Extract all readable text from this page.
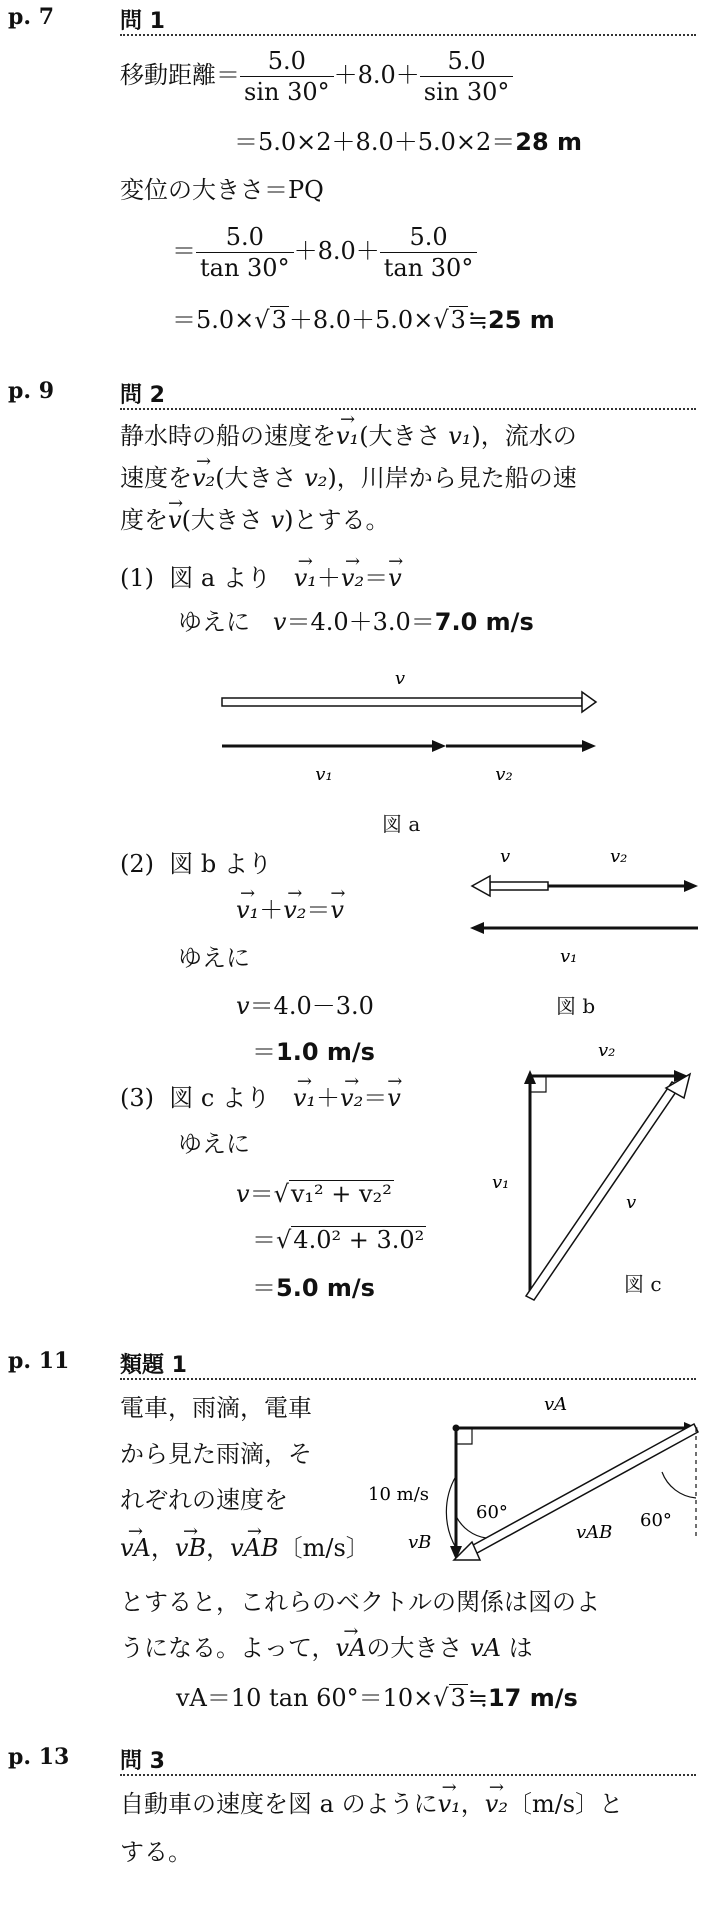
p. 7	問 1
移動距離＝ $\frac{5.0}{\sin 30^\circ} +8.0+ \frac{5.0}{\sin 30^\circ}$
＝5.0×2＋8.0＋5.0×2＝28 m
変位の大きさ＝PQ
＝ $\frac{5.0}{\tan 30^\circ} +8.0+ \frac{5.0}{\tan 30^\circ}$
＝5.0×√3＋8.0＋5.0×√3≒25 m
p. 9	問 2
静水時の船の速度を→ v₁(大きさ v₁)，流水の
速度を→ v₂(大きさ v₂)，川岸から見た船の速
度を→ v(大きさ v)とする。
(1) 図 a より → v₁＋→ v₂＝→ v
ゆえに v＝4.0＋3.0＝7.0 m/s
v
v₁	v₂
図 a
(2) 図 b より
→ v₁＋→ v₂＝→ v
ゆえに
v＝4.0－3.0
＝1.0 m/s
v	v₂
v₁
図 b
(3) 図 c より → v₁＋→ v₂＝→ v
ゆえに
v＝√v₁² + v₂²
＝√4.0² + 3.0²
＝5.0 m/s
v₂
v₁
v
図 c
p. 11 類題 1
電車，雨滴，電車
から見た雨滴，そ
れぞれの速度を
→ vA，→ vB，→ vAB〔m/s〕
とすると，これらのベクトルの関係は図のよ
うになる。よって，→ vAの大きさ vA は
vA＝10 tan 60°＝10×√3≒17 m/s
vA
10 m/s
60°	60°
vB	vAB
p. 13 問 3
自動車の速度を図 a のように→ v₁，→ v₂〔m/s〕と
する。
